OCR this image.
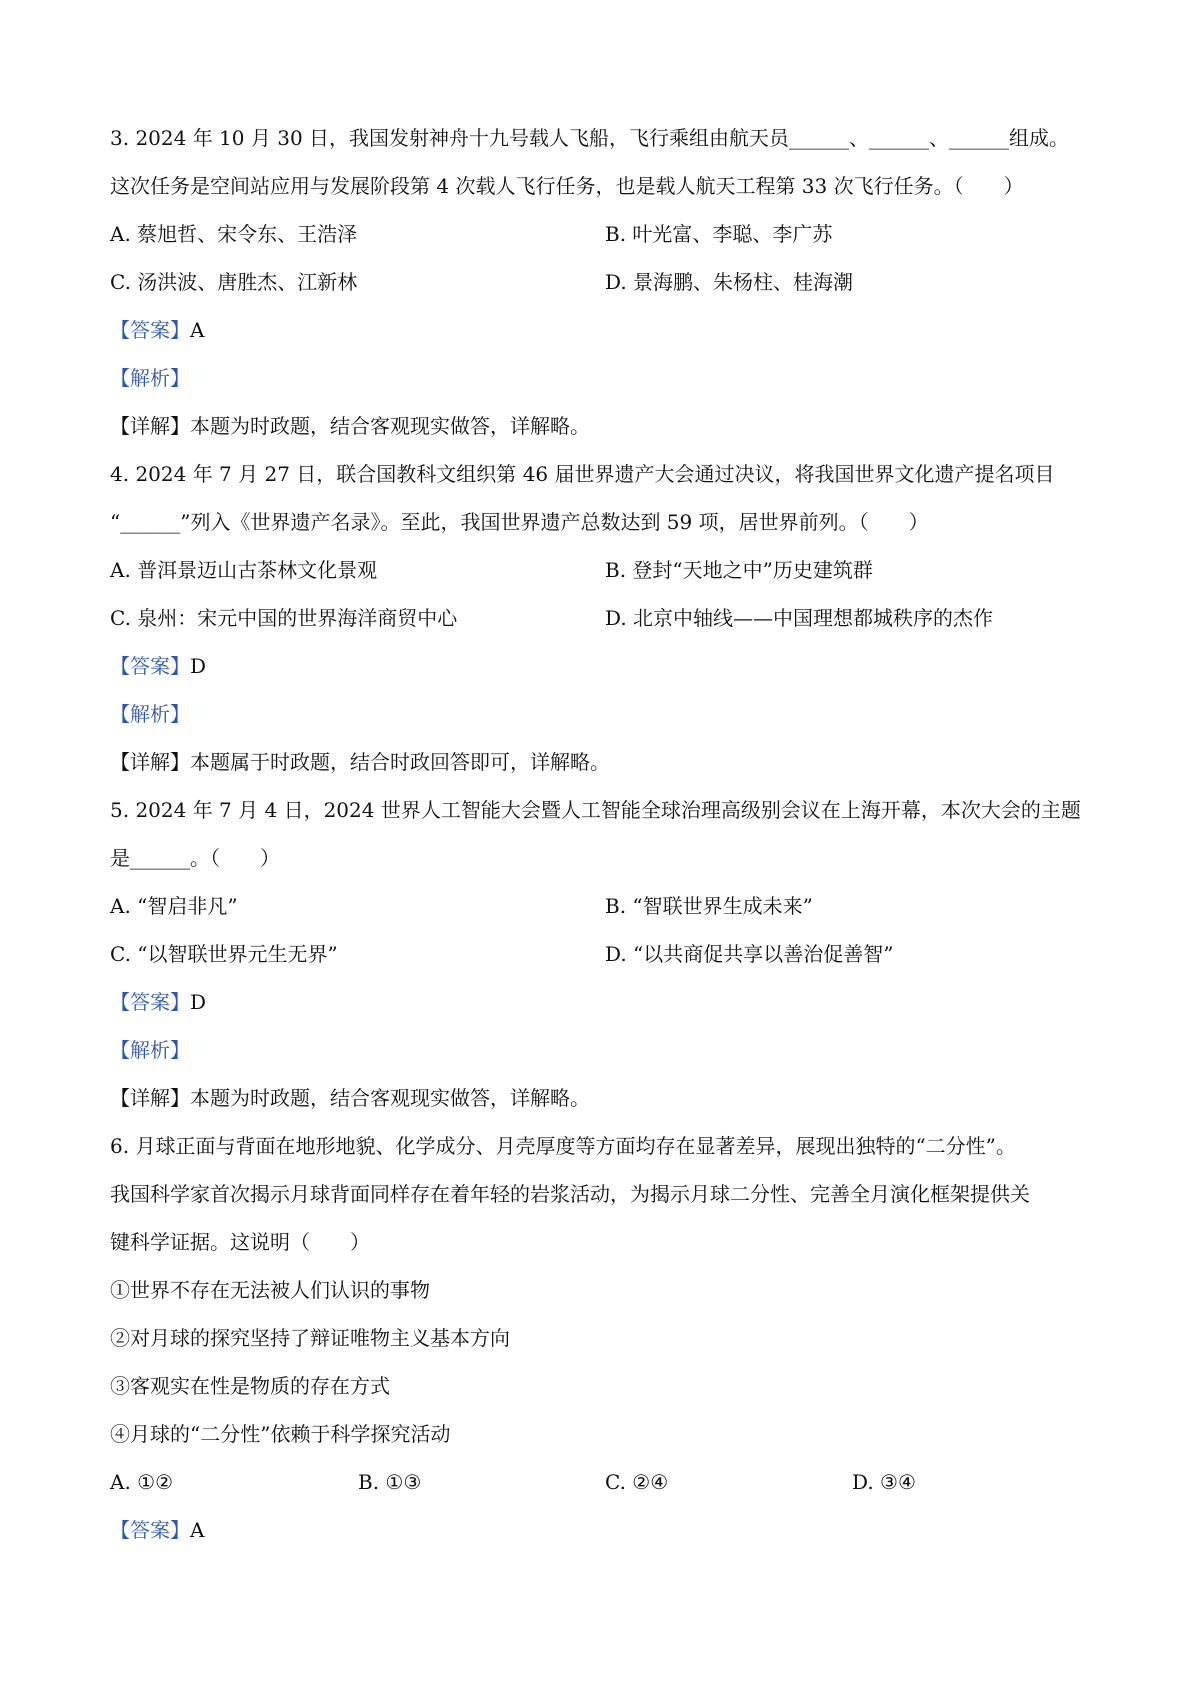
3. 2024 年 10 月 30 日，我国发射神舟十九号载人飞船，飞行乘组由航天员______、______、______组成。
这次任务是空间站应用与发展阶段第 4 次载人飞行任务，也是载人航天工程第 33 次飞行任务。（　　）
A. 蔡旭哲、宋令东、王浩泽	B. 叶光富、李聪、李广苏
C. 汤洪波、唐胜杰、江新林	D. 景海鹏、朱杨柱、桂海潮
【答案】A
【解析】
【详解】本题为时政题，结合客观现实做答，详解略。
4. 2024 年 7 月 27 日，联合国教科文组织第 46 届世界遗产大会通过决议，将我国世界文化遗产提名项目
“______”列入《世界遗产名录》。至此，我国世界遗产总数达到 59 项，居世界前列。（　　）
A. 普洱景迈山古茶林文化景观	B. 登封“天地之中”历史建筑群
C. 泉州：宋元中国的世界海洋商贸中心	D. 北京中轴线——中国理想都城秩序的杰作
【答案】D
【解析】
【详解】本题属于时政题，结合时政回答即可，详解略。
5. 2024 年 7 月 4 日，2024 世界人工智能大会暨人工智能全球治理高级别会议在上海开幕，本次大会的主题
是______。（　　）
A. “智启非凡”	B. “智联世界生成未来”
C. “以智联世界元生无界”	D. “以共商促共享以善治促善智”
【答案】D
【解析】
【详解】本题为时政题，结合客观现实做答，详解略。
6. 月球正面与背面在地形地貌、化学成分、月壳厚度等方面均存在显著差异，展现出独特的“二分性”。
我国科学家首次揭示月球背面同样存在着年轻的岩浆活动，为揭示月球二分性、完善全月演化框架提供关
键科学证据。这说明（　　）
①世界不存在无法被人们认识的事物
②对月球的探究坚持了辩证唯物主义基本方向
③客观实在性是物质的存在方式
④月球的“二分性”依赖于科学探究活动
A. ①②	B. ①③	C. ②④	D. ③④
【答案】A
